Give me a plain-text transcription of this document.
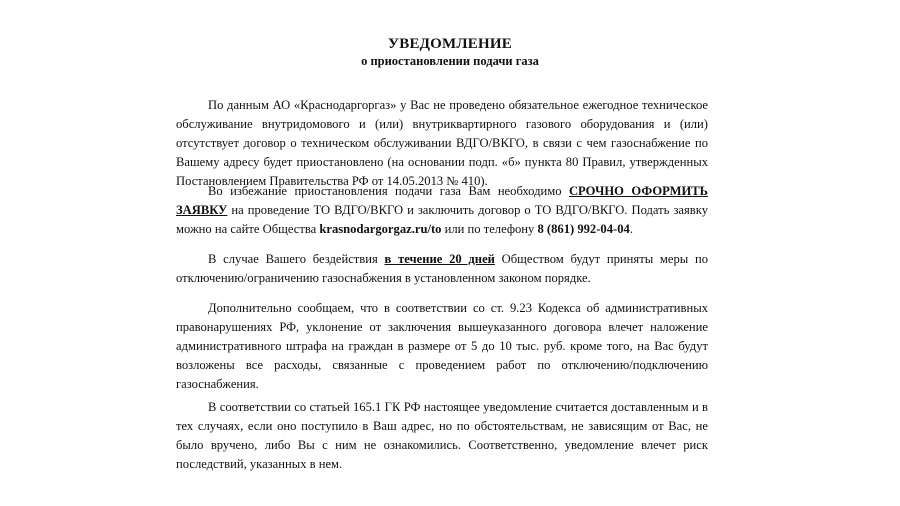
УВЕДОМЛЕНИЕ
о приостановлении подачи газа
По данным АО «Краснодаргоргаз» у Вас не проведено обязательное ежегодное техническое обслуживание внутридомового и (или) внутриквартирного газового оборудования и (или) отсутствует договор о техническом обслуживании ВДГО/ВКГО, в связи с чем газоснабжение по Вашему адресу будет приостановлено (на основании подп. «б» пункта 80 Правил, утвержденных Постановлением Правительства РФ от 14.05.2013 № 410).
Во избежание приостановления подачи газа Вам необходимо СРОЧНО ОФОРМИТЬ ЗАЯВКУ на проведение ТО ВДГО/ВКГО и заключить договор о ТО ВДГО/ВКГО. Подать заявку можно на сайте Общества krasnodargorgaz.ru/to или по телефону 8 (861) 992-04-04.
В случае Вашего бездействия в течение 20 дней Обществом будут приняты меры по отключению/ограничению газоснабжения в установленном законом порядке.
Дополнительно сообщаем, что в соответствии со ст. 9.23 Кодекса об административных правонарушениях РФ, уклонение от заключения вышеуказанного договора влечет наложение административного штрафа на граждан в размере от 5 до 10 тыс. руб. кроме того, на Вас будут возложены все расходы, связанные с проведением работ по отключению/подключению газоснабжения.
В соответствии со статьей 165.1 ГК РФ настоящее уведомление считается доставленным и в тех случаях, если оно поступило в Ваш адрес, но по обстоятельствам, не зависящим от Вас, не было вручено, либо Вы с ним не ознакомились. Соответственно, уведомление влечет риск последствий, указанных в нем.
